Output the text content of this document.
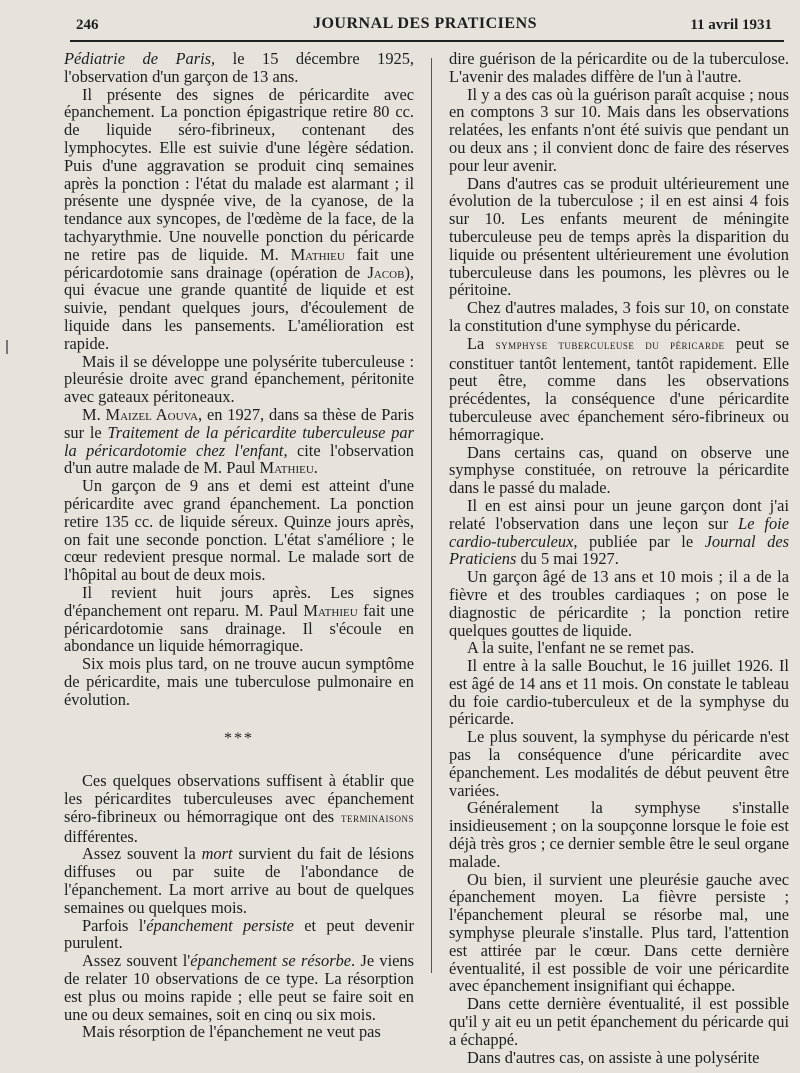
246	JOURNAL DES PRATICIENS	11 avril 1931

Pédiatrie de Paris, le 15 décembre 1925, l'observation d'un garçon de 13 ans.

Il présente des signes de péricardite avec épanchement. La ponction épigastrique retire 80 cc. de liquide séro-fibrineux, contenant des lymphocytes. Elle est suivie d'une légère sédation. Puis d'une aggravation se produit cinq semaines après la ponction : l'état du malade est alarmant ; il présente une dyspnée vive, de la cyanose, de la tendance aux syncopes, de l'œdème de la face, de la tachyarythmie. Une nouvelle ponction du péricarde ne retire pas de liquide. M. Mathieu fait une péricardotomie sans drainage (opération de Jacob), qui évacue une grande quantité de liquide et est suivie, pendant quelques jours, d'écoulement de liquide dans les pansements. L'amélioration est rapide.

Mais il se développe une polysérite tuberculeuse : pleurésie droite avec grand épanchement, péritonite avec gateaux péritoneaux.

M. Maizel Aouva, en 1927, dans sa thèse de Paris sur le Traitement de la péricardite tuberculeuse par la péricardotomie chez l'enfant, cite l'observation d'un autre malade de M. Paul Mathieu.

Un garçon de 9 ans et demi est atteint d'une péricardite avec grand épanchement. La ponction retire 135 cc. de liquide séreux. Quinze jours après, on fait une seconde ponction. L'état s'améliore ; le cœur redevient presque normal. Le malade sort de l'hôpital au bout de deux mois.

Il revient huit jours après. Les signes d'épanchement ont reparu. M. Paul Mathieu fait une péricardotomie sans drainage. Il s'écoule en abondance un liquide hémorragique.

Six mois plus tard, on ne trouve aucun symptôme de péricardite, mais une tuberculose pulmonaire en évolution.

***

Ces quelques observations suffisent à établir que les péricardites tuberculeuses avec épanchement séro-fibrineux ou hémorragique ont des terminaisons différentes.

Assez souvent la mort survient du fait de lésions diffuses ou par suite de l'abondance de l'épanchement. La mort arrive au bout de quelques semaines ou quelques mois.

Parfois l'épanchement persiste et peut devenir purulent.

Assez souvent l'épanchement se résorbe. Je viens de relater 10 observations de ce type. La résorption est plus ou moins rapide ; elle peut se faire soit en une ou deux semaines, soit en cinq ou six mois.

Mais résorption de l'épanchement ne veut pas

dire guérison de la péricardite ou de la tuberculose. L'avenir des malades diffère de l'un à l'autre.

Il y a des cas où la guérison paraît acquise ; nous en comptons 3 sur 10. Mais dans les observations relatées, les enfants n'ont été suivis que pendant un ou deux ans ; il convient donc de faire des réserves pour leur avenir.

Dans d'autres cas se produit ultérieurement une évolution de la tuberculose ; il en est ainsi 4 fois sur 10. Les enfants meurent de méningite tuberculeuse peu de temps après la disparition du liquide ou présentent ultérieurement une évolution tuberculeuse dans les poumons, les plèvres ou le péritoine.

Chez d'autres malades, 3 fois sur 10, on constate la constitution d'une symphyse du péricarde.

La symphyse tuberculeuse du péricarde peut se constituer tantôt lentement, tantôt rapidement. Elle peut être, comme dans les observations précédentes, la conséquence d'une péricardite tuberculeuse avec épanchement séro-fibrineux ou hémorragique.

Dans certains cas, quand on observe une symphyse constituée, on retrouve la péricardite dans le passé du malade.

Il en est ainsi pour un jeune garçon dont j'ai relaté l'observation dans une leçon sur Le foie cardio-tuberculeux, publiée par le Journal des Praticiens du 5 mai 1927.

Un garçon âgé de 13 ans et 10 mois ; il a de la fièvre et des troubles cardiaques ; on pose le diagnostic de péricardite ; la ponction retire quelques gouttes de liquide.

A la suite, l'enfant ne se remet pas.

Il entre à la salle Bouchut, le 16 juillet 1926. Il est âgé de 14 ans et 11 mois. On constate le tableau du foie cardio-tuberculeux et de la symphyse du péricarde.

Le plus souvent, la symphyse du péricarde n'est pas la conséquence d'une péricardite avec épanchement. Les modalités de début peuvent être variées.

Généralement la symphyse s'installe insidieusement ; on la soupçonne lorsque le foie est déjà très gros ; ce dernier semble être le seul organe malade.

Ou bien, il survient une pleurésie gauche avec épanchement moyen. La fièvre persiste ; l'épanchement pleural se résorbe mal, une symphyse pleurale s'installe. Plus tard, l'attention est attirée par le cœur. Dans cette dernière éventualité, il est possible de voir une péricardite avec épanchement insignifiant qui échappe.

Dans cette dernière éventualité, il est possible qu'il y ait eu un petit épanchement du péricarde qui a échappé.

Dans d'autres cas, on assiste à une polysérite
